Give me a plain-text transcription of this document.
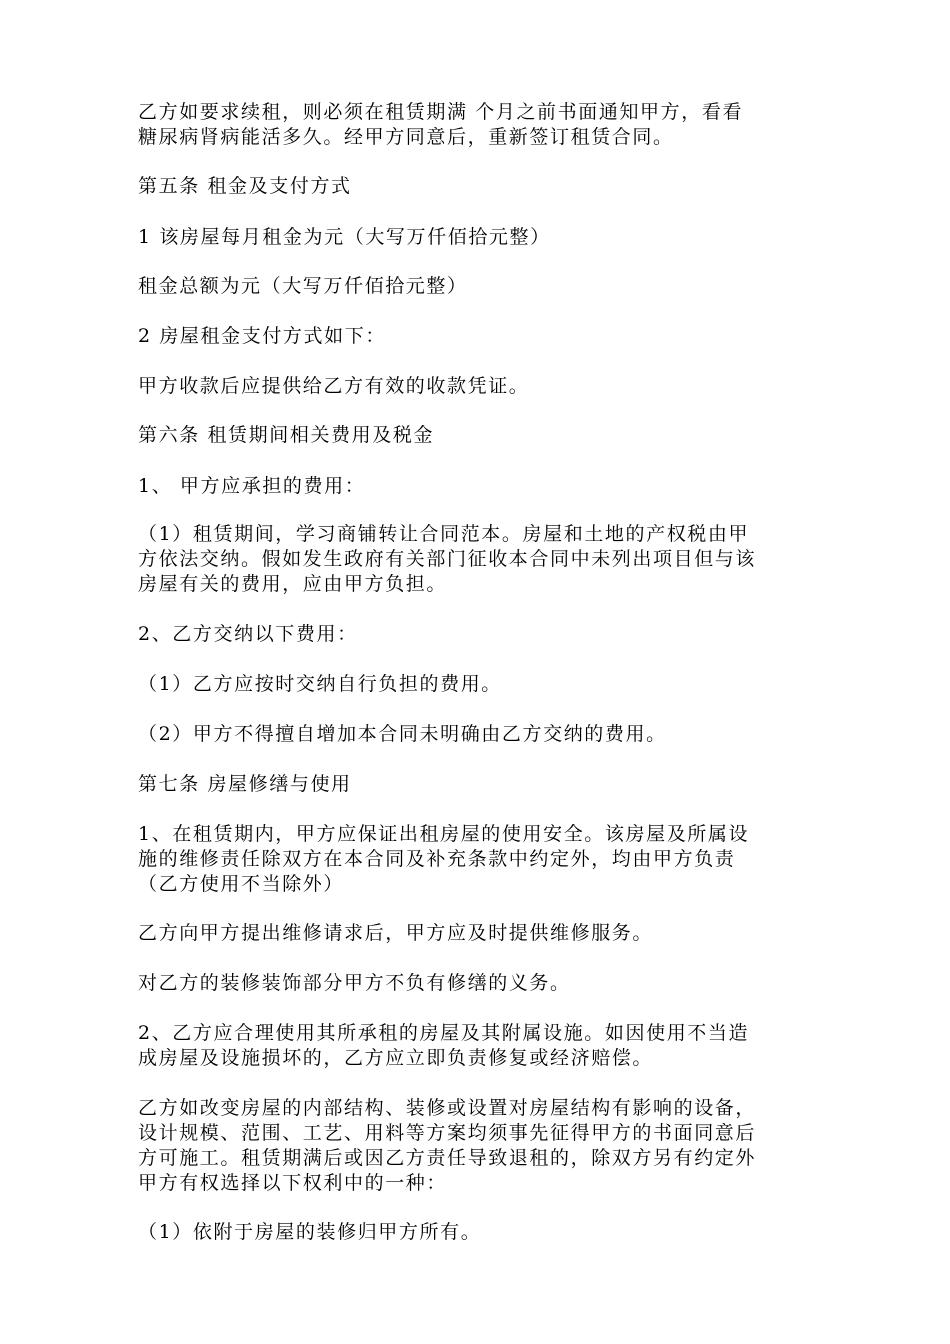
乙方如要求续租，则必须在租赁期满 个月之前书面通知甲方，看看
糖尿病肾病能活多久。经甲方同意后，重新签订租赁合同。

第五条 租金及支付方式

1 该房屋每月租金为元（大写万仟佰拾元整）

租金总额为元（大写万仟佰拾元整）

2 房屋租金支付方式如下：

甲方收款后应提供给乙方有效的收款凭证。

第六条 租赁期间相关费用及税金

1、 甲方应承担的费用：

（1）租赁期间，学习商铺转让合同范本。房屋和土地的产权税由甲
方依法交纳。假如发生政府有关部门征收本合同中未列出项目但与该
房屋有关的费用，应由甲方负担。

2、乙方交纳以下费用：

（1）乙方应按时交纳自行负担的费用。

（2）甲方不得擅自增加本合同未明确由乙方交纳的费用。

第七条 房屋修缮与使用

1、在租赁期内，甲方应保证出租房屋的使用安全。该房屋及所属设
施的维修责任除双方在本合同及补充条款中约定外，均由甲方负责
（乙方使用不当除外）

乙方向甲方提出维修请求后，甲方应及时提供维修服务。

对乙方的装修装饰部分甲方不负有修缮的义务。

2、乙方应合理使用其所承租的房屋及其附属设施。如因使用不当造
成房屋及设施损坏的，乙方应立即负责修复或经济赔偿。

乙方如改变房屋的内部结构、装修或设置对房屋结构有影响的设备，
设计规模、范围、工艺、用料等方案均须事先征得甲方的书面同意后
方可施工。租赁期满后或因乙方责任导致退租的，除双方另有约定外
甲方有权选择以下权利中的一种：

（1）依附于房屋的装修归甲方所有。
